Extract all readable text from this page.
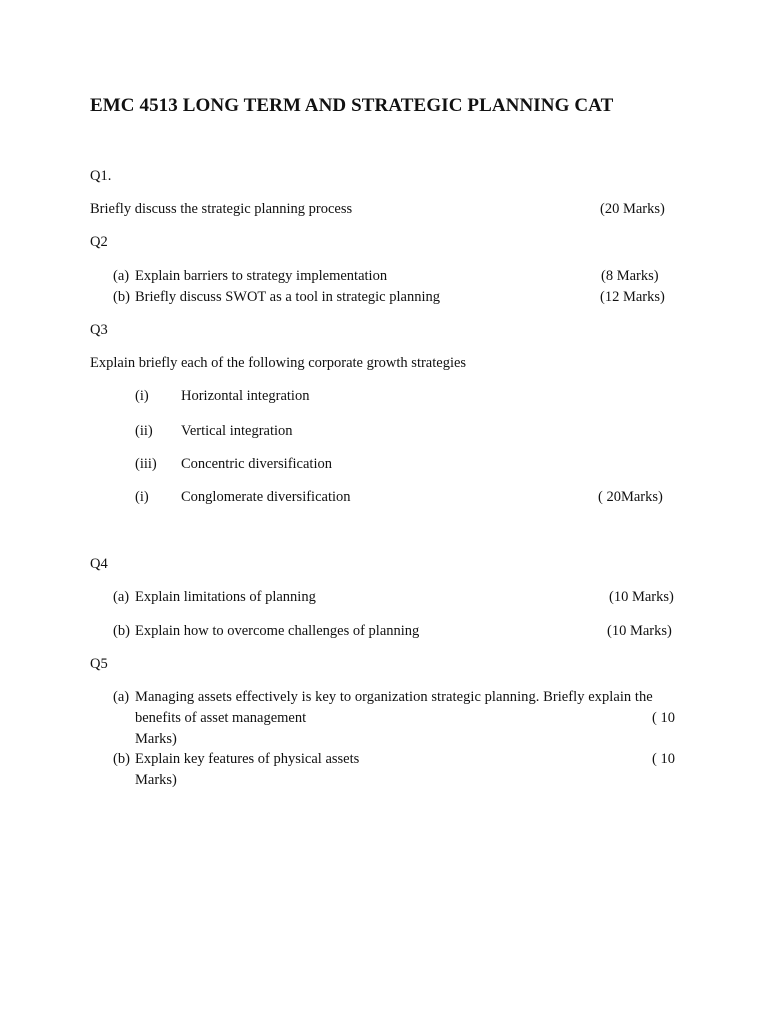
EMC 4513 LONG TERM AND STRATEGIC PLANNING CAT
Q1.
Briefly discuss the strategic planning process	(20 Marks)
Q2
(a) Explain barriers to strategy implementation	(8 Marks)
(b) Briefly discuss SWOT as a tool in strategic planning	(12 Marks)
Q3
Explain briefly each of the following corporate growth strategies
(i) Horizontal integration
(ii) Vertical integration
(iii) Concentric diversification
(i) Conglomerate diversification	( 20Marks)
Q4
(a) Explain limitations of planning	(10 Marks)
(b) Explain how to overcome challenges of planning	(10 Marks)
Q5
(a) Managing assets effectively is key to organization strategic planning. Briefly explain the
benefits of asset management	( 10
Marks)
(b) Explain key features of physical assets	( 10
Marks)
